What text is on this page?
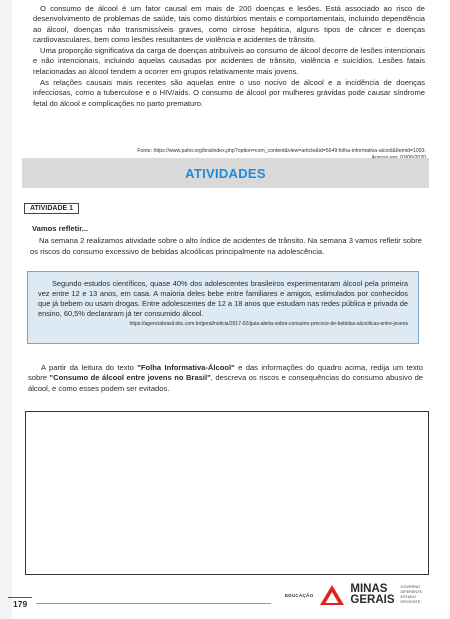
O consumo de álcool é um fator causal em mais de 200 doenças e lesões. Está associado ao risco de desenvolvimento de problemas de saúde, tais como distúrbios mentais e comportamentais, incluindo dependência ao álcool, doenças não transmissíveis graves, como cirrose hepática, alguns tipos de câncer e doenças cardiovasculares, bem como lesões resultantes de violência e acidentes de trânsito.

Uma proporção significativa da carga de doenças atribuíveis ao consumo de álcool decorre de lesões intencionais e não intencionais, incluindo aquelas causadas por acidentes de trânsito, violência e suicídios. Lesões fatais relacionadas ao álcool tendem a ocorrer em grupos relativamente mais jovens.

As relações causais mais recentes são aquelas entre o uso nocivo de álcool e a incidência de doenças infecciosas, como a tuberculose e o HIV/aids. O consumo de álcool por mulheres grávidas pode causar síndrome fetal do álcool e complicações no parto prematuro.

Fonte: https://www.paho.org/bra/index.php?option=com_content&view=article&id=5649:folha-informativa-alcool&Itemid=1093.
ATIVIDADES
ATIVIDADE 1
Vamos refletir...

Na semana 2 realizamos atividade sobre o alto índice de acidentes de trânsito. Na semana 3 vamos refletir sobre os riscos do consumo excessivo de bebidas alcoólicas principalmente na adolescência.

Segundo estudos científicos, quase 40% dos adolescentes brasileiros experimentaram álcool pela primeira vez entre 12 e 13 anos, em casa. A maioria deles bebe entre familiares e amigos, estimulados por conhecidos que já bebem ou usam drogas. Entre adolescentes de 12 a 18 anos que estudam nas redes pública e privada de ensino, 60,5% declararam já ter consumido álcool.

https://agenciabrasil.ebc.com.br/geral/noticia/2017-02/guia-alerta-sobre-consumo-precoce-de-bebidas-alcoolicas-entre-jovens

A partir da leitura do texto "Folha Informativa-Álcool" e das informações do quadro acima, redija um texto sobre "Consumo de álcool entre jovens no Brasil", descreva os riscos e consequências do consumo abusivo de álcool, e como esses podem ser evitados.

179
EDUCAÇÃO	MINAS
GERAIS
GOVERNO
DIFERENTE.
ESTADO
EFICIENTE.
